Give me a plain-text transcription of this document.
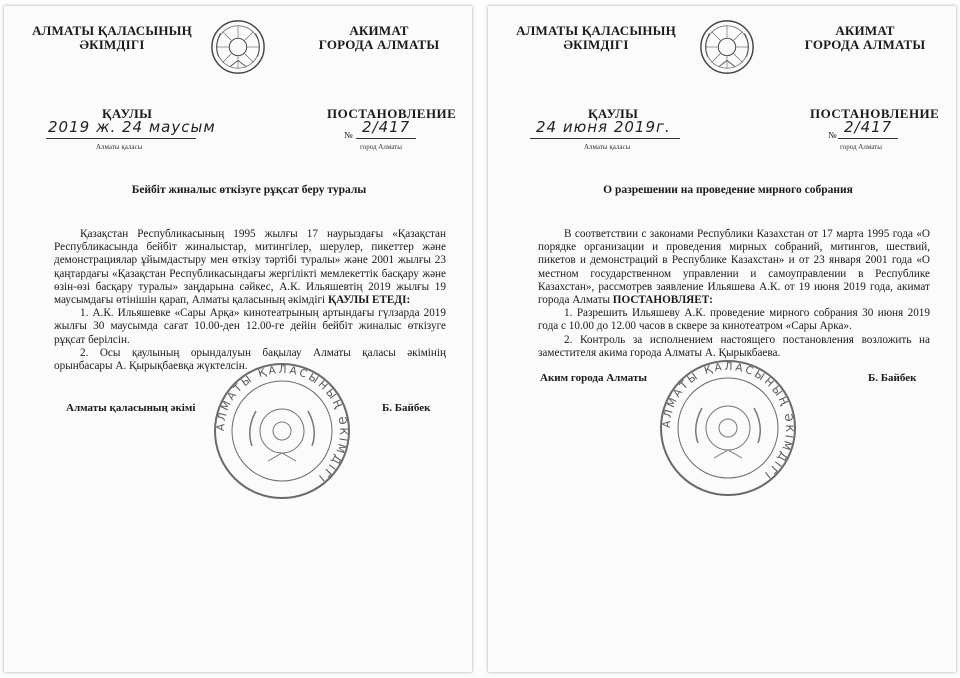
АЛМАТЫ ҚАЛАСЫНЫҢ
ӘКІМДІГІ
АКИМАТ
ГОРОДА АЛМАТЫ
ҚАУЛЫ	ПОСТАНОВЛЕНИЕ
2019 ж. 24 маусым
Алматы қаласы
№ 2/417
город Алматы
Бейбіт жиналыс өткізуге рұқсат беру туралы

Қазақстан Республикасының 1995 жылғы 17 наурыздағы «Қазақстан Республикасында бейбіт жиналыстар, митингілер, шерулер, пикеттер және демонстрациялар ұйымдастыру мен өткізу тәртібі туралы» және 2001 жылғы 23 қаңтардағы «Қазақстан Республикасындағы жергілікті мемлекеттік басқару және өзін-өзі басқару туралы» заңдарына сәйкес, А.К. Ильяшевтің 2019 жылғы 19 маусымдағы өтінішін қарап, Алматы қаласының әкімдігі ҚАУЛЫ ЕТЕДІ:

1. А.К. Ильяшевке «Сары Арқа» кинотеатрының артындағы гүлзарда 2019 жылғы 30 маусымда сағат 10.00-ден 12.00-ге дейін бейбіт жиналыс өткізуге рұқсат берілсін.

2. Осы қаулының орындалуын бақылау Алматы қаласы әкімінің орынбасары А. Қырықбаевқа жүктелсін.

АЛМАТЫ ҚАЛАСЫНЫҢ ӘКІМДІГІ
Алматы қаласының әкімі	Б. Байбек
АЛМАТЫ ҚАЛАСЫНЫҢ
ӘКІМДІГІ
АКИМАТ
ГОРОДА АЛМАТЫ
ҚАУЛЫ	ПОСТАНОВЛЕНИЕ
24 июня 2019г.
Алматы қаласы
№ 2/417
город Алматы
О разрешении на проведение мирного собрания

В соответствии с законами Республики Казахстан от 17 марта 1995 года «О порядке организации и проведения мирных собраний, митингов, шествий, пикетов и демонстраций в Республике Казахстан» и от 23 января 2001 года «О местном государственном управлении и самоуправлении в Республике Казахстан», рассмотрев заявление Ильяшева А.К. от 19 июня 2019 года, акимат города Алматы ПОСТАНОВЛЯЕТ:

1. Разрешить Ильяшеву А.К. проведение мирного собрания 30 июня 2019 года с 10.00 до 12.00 часов в сквере за кинотеатром «Сары Арка».

2. Контроль за исполнением настоящего постановления возложить на заместителя акима города Алматы А. Қырыкбаева.

АЛМАТЫ ҚАЛАСЫНЫҢ ӘКІМДІГІ
Аким города Алматы	Б. Байбек
